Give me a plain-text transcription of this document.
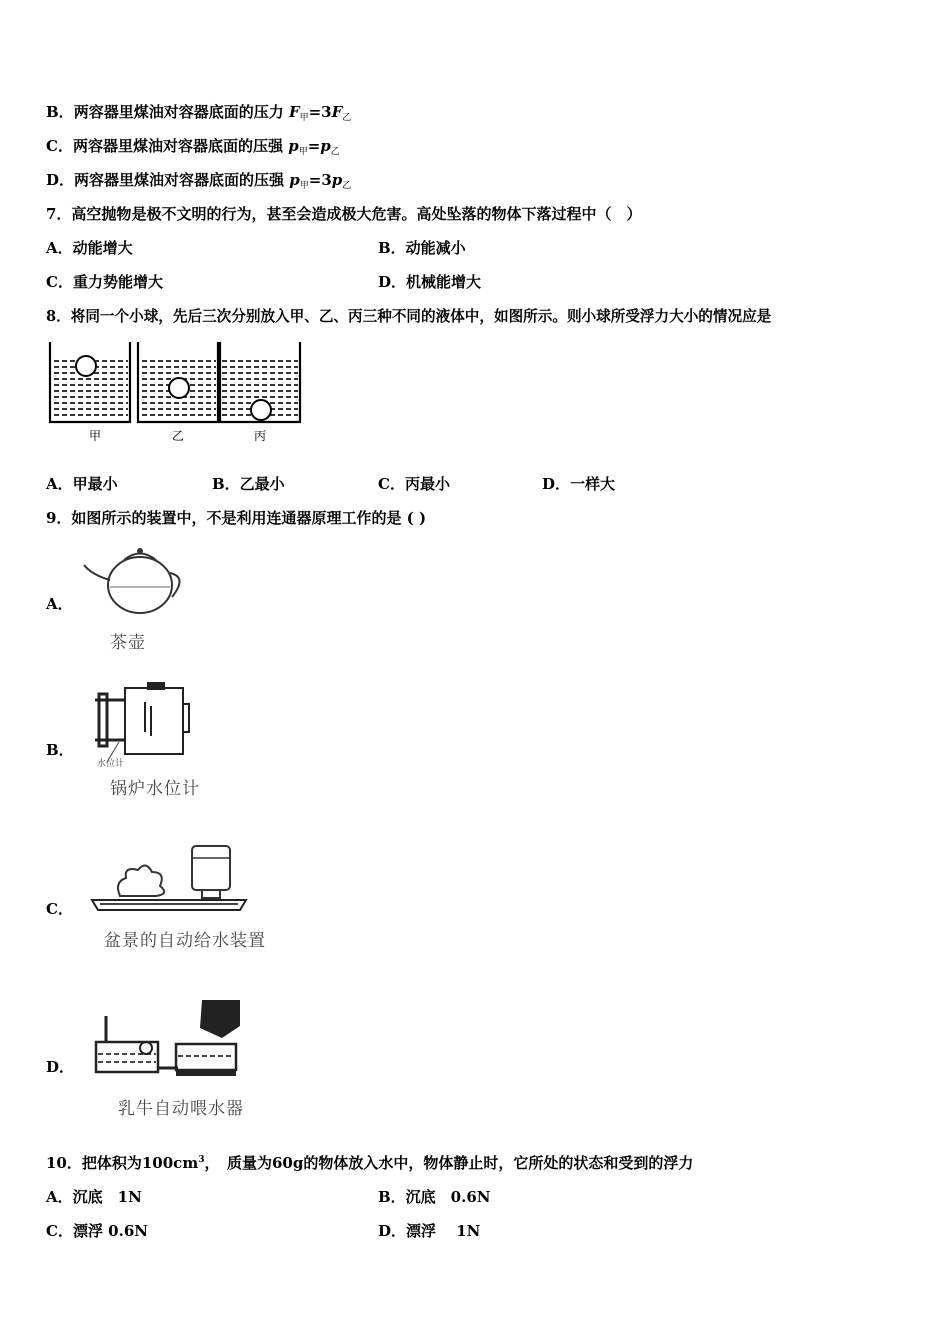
B．两容器里煤油对容器底面的压力 $F_甲=3F_乙$
C．两容器里煤油对容器底面的压强 $p_甲=p_乙$
D．两容器里煤油对容器底面的压强 $p_甲=3p_乙$
7．高空抛物是极不文明的行为，甚至会造成极大危害。高处坠落的物体下落过程中（　）
A．动能增大	B．动能减小
C．重力势能增大	D．机械能增大
8．将同一个小球，先后三次分别放入甲、乙、丙三种不同的液体中，如图所示。则小球所受浮力大小的情况应是
甲	乙	丙
A．甲最小	B．乙最小	C．丙最小	D．一样大
9．如图所示的装置中，不是利用连通器原理工作的是 ( )
A．
茶壶
B．
水位计
锅炉水位计
C．
盆景的自动给水装置
D．
乳牛自动喂水器
10．把体积为$100cm^3$，　质量为60g的物体放入水中，物体静止时，它所处的状态和受到的浮力
A．沉底　1N	B．沉底　0.6N
C．漂浮 0.6N	D．漂浮　 1N
